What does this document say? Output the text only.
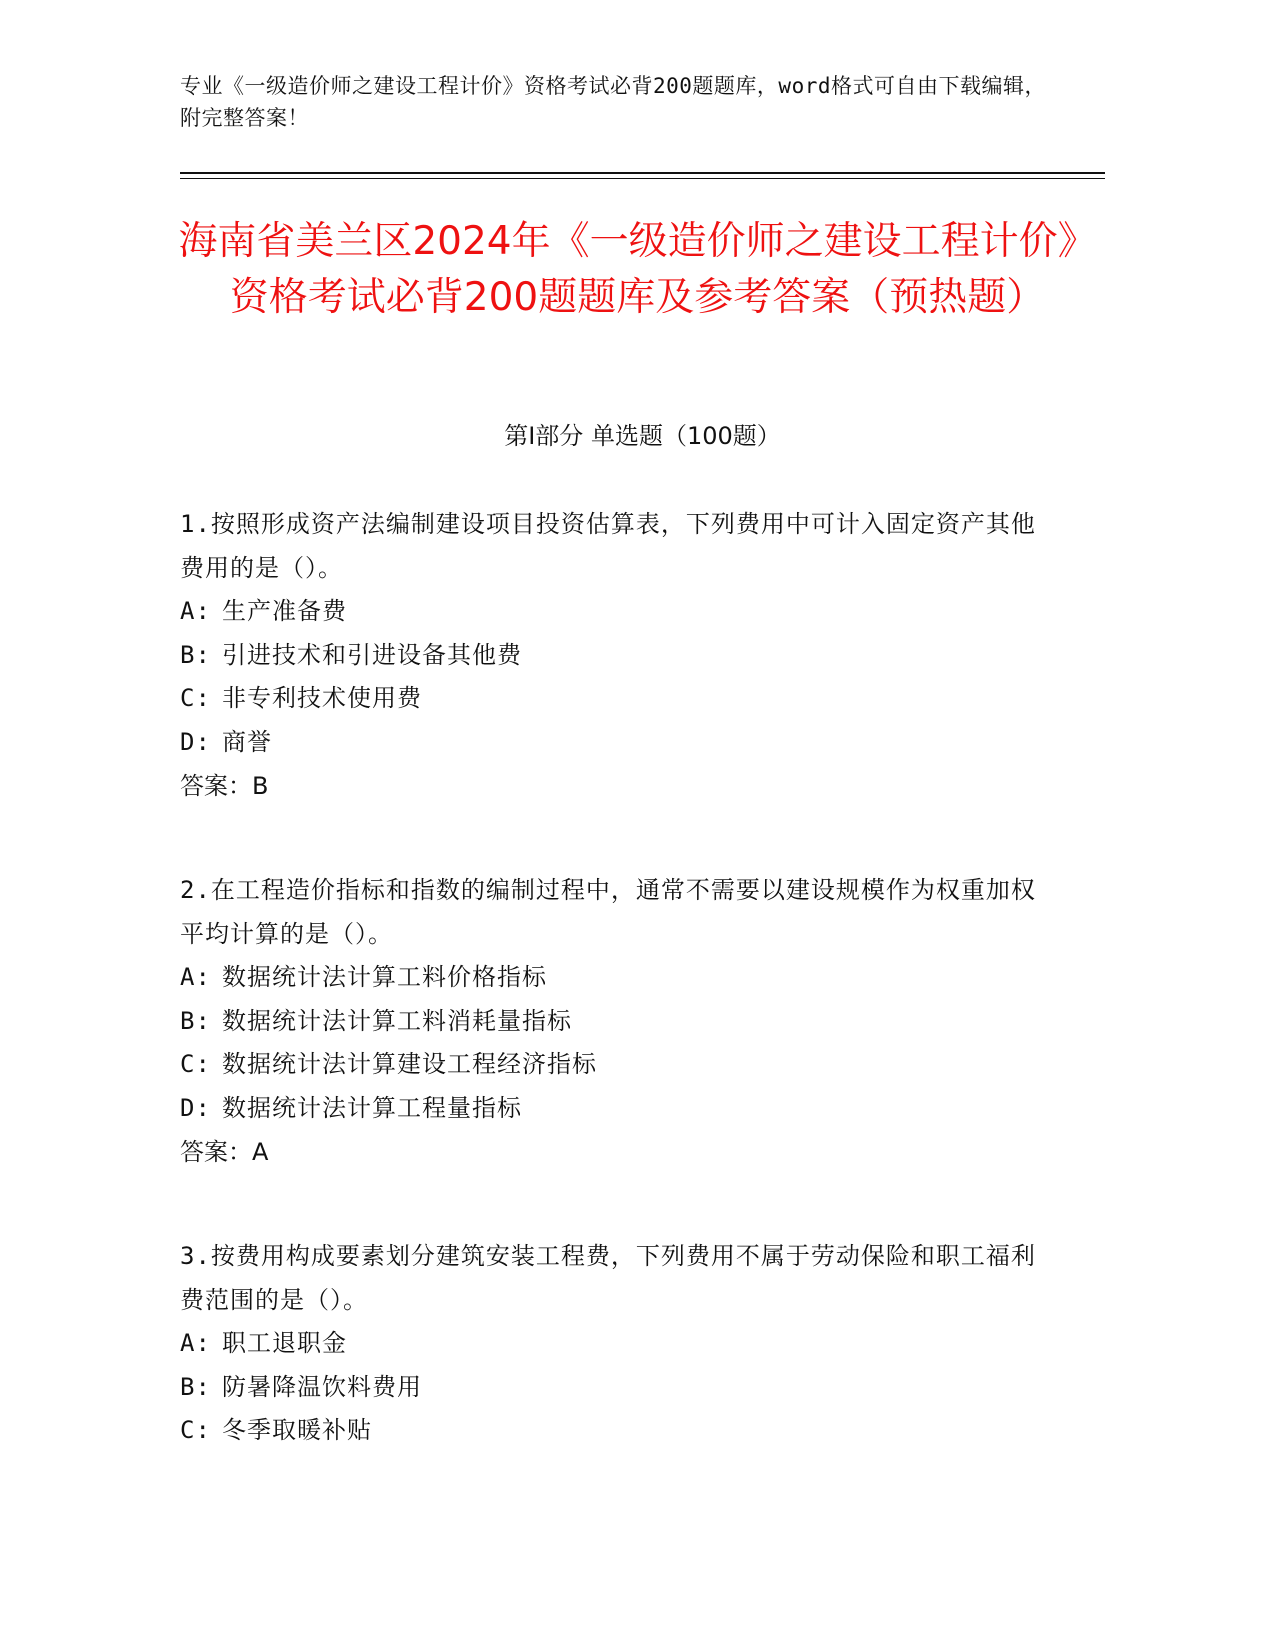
专业《一级造价师之建设工程计价》资格考试必背200题题库，word格式可自由下载编辑，附完整答案！
海南省美兰区2024年《一级造价师之建设工程计价》资格考试必背200题题库及参考答案（预热题）
第I部分 单选题（100题）
1.按照形成资产法编制建设项目投资估算表，下列费用中可计入固定资产其他费用的是（）。
A: 生产准备费
B: 引进技术和引进设备其他费
C: 非专利技术使用费
D: 商誉
答案：B
2.在工程造价指标和指数的编制过程中，通常不需要以建设规模作为权重加权平均计算的是（）。
A: 数据统计法计算工料价格指标
B: 数据统计法计算工料消耗量指标
C: 数据统计法计算建设工程经济指标
D: 数据统计法计算工程量指标
答案：A
3.按费用构成要素划分建筑安装工程费，下列费用不属于劳动保险和职工福利费范围的是（）。
A: 职工退职金
B: 防暑降温饮料费用
C: 冬季取暖补贴
